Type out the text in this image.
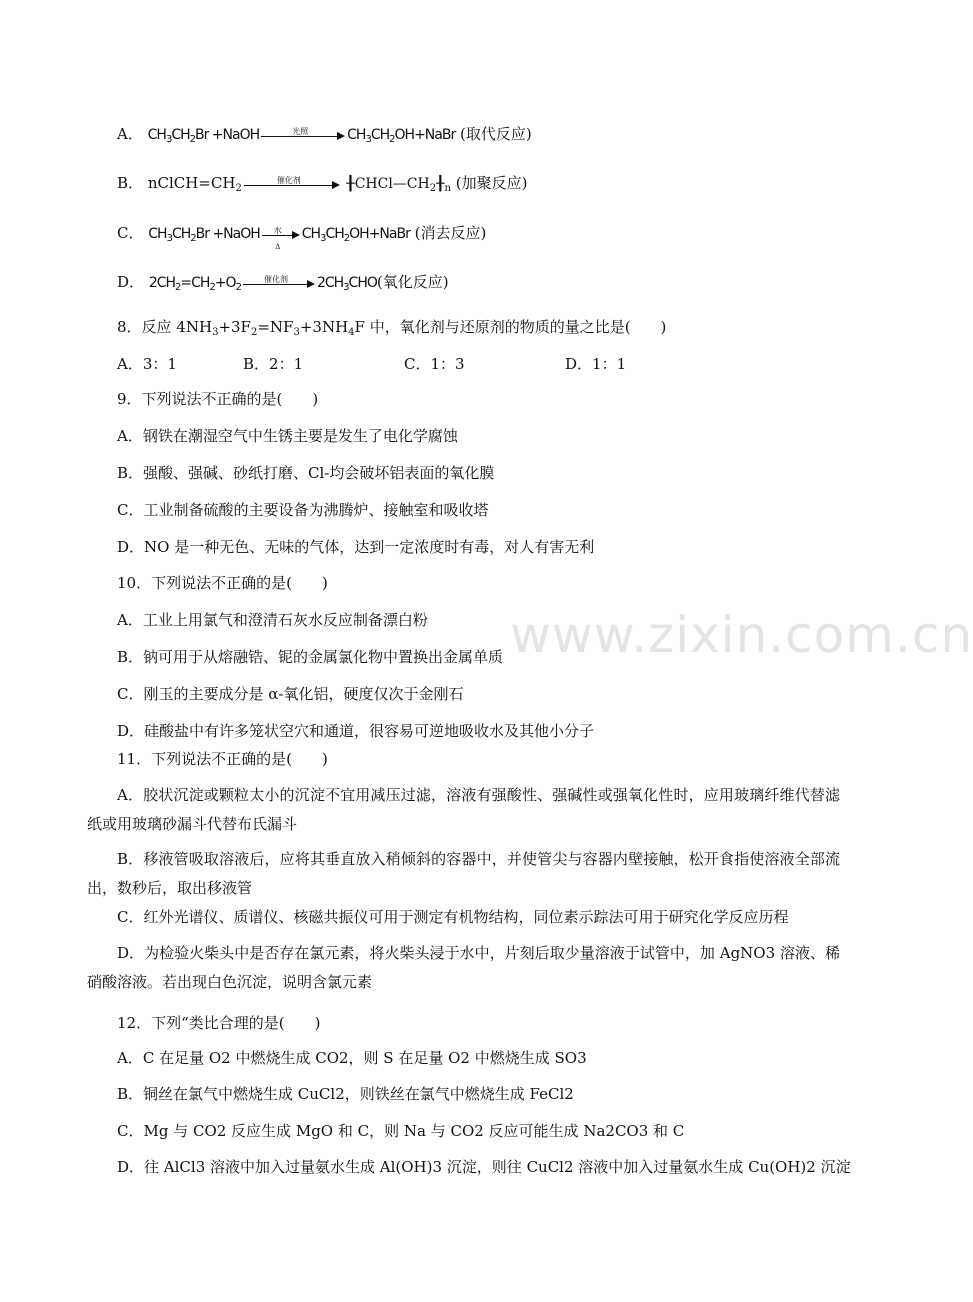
www.zixin.com.cn
A． $CH_3CH_2Br$ +NaOH	光照	$CH_3CH_2OH+NaBr$ (取代反应)
B． $nClCH=CH_2$
催化剂	$╂CHCl—CH_2╂_n$ (加聚反应)
C． $CH_3CH_2Br$ +NaOH	水
Δ
$CH_3CH_2OH+NaBr$ (消去反应)
D． $2CH_2=CH_2+O_2$
催化剂	$2CH_3CHO$(氧化反应)
8．反应 $4NH_3+3F_2=NF_3+3NH_4F$ 中，氧化剂与还原剂的物质的量之比是(　　)
A．3：1	B．2：1	C．1：3	D．1：1
9．下列说法不正确的是(　　)
A．钢铁在潮湿空气中生锈主要是发生了电化学腐蚀
B．强酸、强碱、砂纸打磨、Cl-均会破坏铝表面的氧化膜
C．工业制备硫酸的主要设备为沸腾炉、接触室和吸收塔
D．NO 是一种无色、无味的气体，达到一定浓度时有毒，对人有害无利
10．下列说法不正确的是(　　)
A．工业上用氯气和澄清石灰水反应制备漂白粉
B．钠可用于从熔融锆、铌的金属氯化物中置换出金属单质
C．刚玉的主要成分是 α-氧化铝，硬度仅次于金刚石
D．硅酸盐中有许多笼状空穴和通道，很容易可逆地吸收水及其他小分子
11．下列说法不正确的是(　　)
A．胶状沉淀或颗粒太小的沉淀不宜用减压过滤，溶液有强酸性、强碱性或强氧化性时，应用玻璃纤维代替滤纸或用玻璃砂漏斗代替布氏漏斗
B．移液管吸取溶液后，应将其垂直放入稍倾斜的容器中，并使管尖与容器内壁接触，松开食指使溶液全部流出，数秒后，取出移液管
C．红外光谱仪、质谱仪、核磁共振仪可用于测定有机物结构，同位素示踪法可用于研究化学反应历程
D．为检验火柴头中是否存在氯元素，将火柴头浸于水中，片刻后取少量溶液于试管中，加 AgNO3 溶液、稀硝酸溶液。若出现白色沉淀，说明含氯元素
12．下列“类比合理的是(　　)
A．C 在足量 O2 中燃烧生成 CO2，则 S 在足量 O2 中燃烧生成 SO3
B．铜丝在氯气中燃烧生成 CuCl2，则铁丝在氯气中燃烧生成 FeCl2
C．Mg 与 CO2 反应生成 MgO 和 C，则 Na 与 CO2 反应可能生成 Na2CO3 和 C
D．往 AlCl3 溶液中加入过量氨水生成 Al(OH)3 沉淀，则往 CuCl2 溶液中加入过量氨水生成 Cu(OH)2 沉淀
